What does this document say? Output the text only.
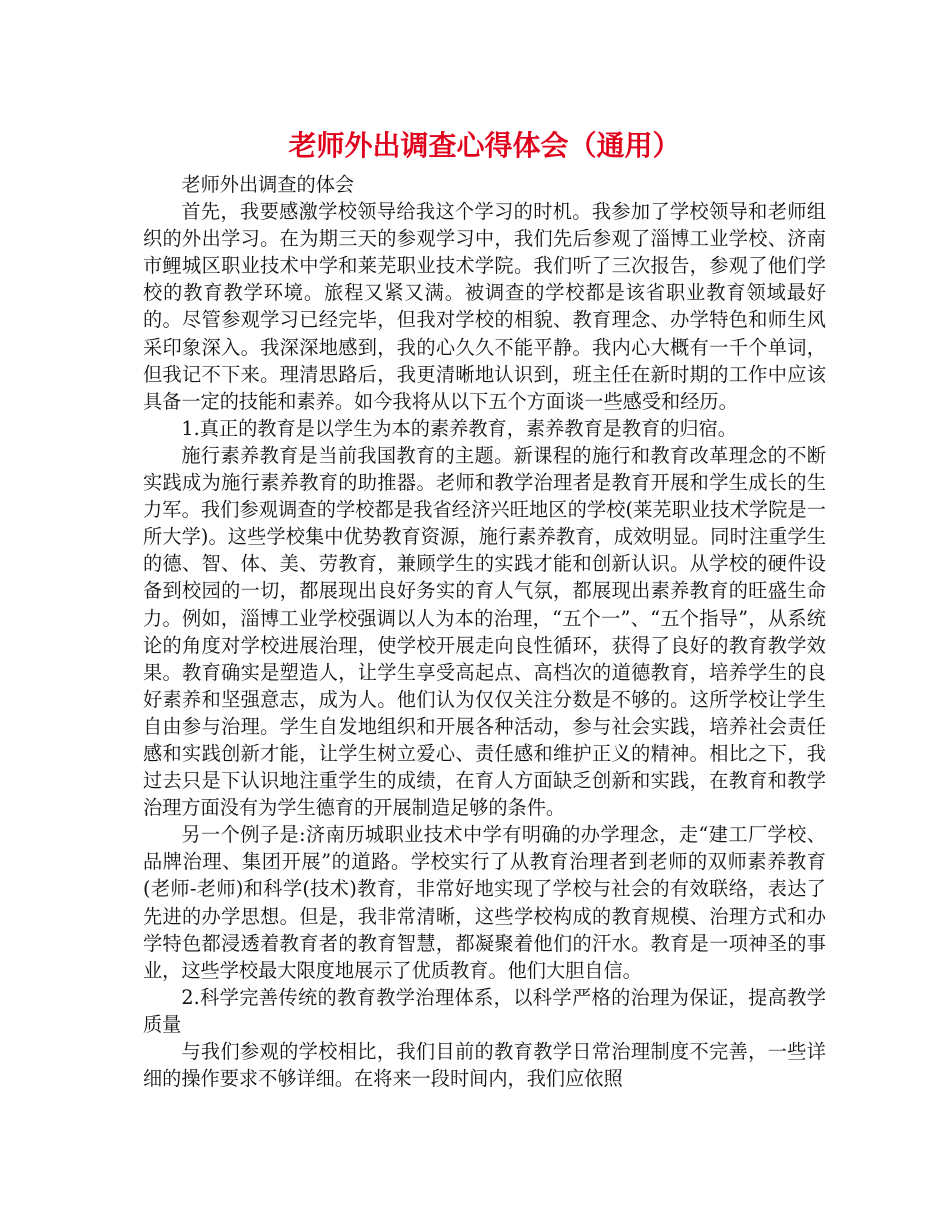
老师外出调查心得体会（通用）

老师外出调查的体会

首先，我要感激学校领导给我这个学习的时机。我参加了学校领导和老师组织的外出学习。在为期三天的参观学习中，我们先后参观了淄博工业学校、济南市鲤城区职业技术中学和莱芜职业技术学院。我们听了三次报告，参观了他们学校的教育教学环境。旅程又紧又满。被调查的学校都是该省职业教育领域最好的。尽管参观学习已经完毕，但我对学校的相貌、教育理念、办学特色和师生风采印象深入。我深深地感到，我的心久久不能平静。我内心大概有一千个单词，但我记不下来。理清思路后，我更清晰地认识到，班主任在新时期的工作中应该具备一定的技能和素养。如今我将从以下五个方面谈一些感受和经历。

1.真正的教育是以学生为本的素养教育，素养教育是教育的归宿。

施行素养教育是当前我国教育的主题。新课程的施行和教育改革理念的不断实践成为施行素养教育的助推器。老师和教学治理者是教育开展和学生成长的生力军。我们参观调查的学校都是我省经济兴旺地区的学校(莱芜职业技术学院是一所大学)。这些学校集中优势教育资源，施行素养教育，成效明显。同时注重学生的德、智、体、美、劳教育，兼顾学生的实践才能和创新认识。从学校的硬件设备到校园的一切，都展现出良好务实的育人气氛，都展现出素养教育的旺盛生命力。例如，淄博工业学校强调以人为本的治理，“五个一”、“五个指导”，从系统论的角度对学校进展治理，使学校开展走向良性循环，获得了良好的教育教学效果。教育确实是塑造人，让学生享受高起点、高档次的道德教育，培养学生的良好素养和坚强意志，成为人。他们认为仅仅关注分数是不够的。这所学校让学生自由参与治理。学生自发地组织和开展各种活动，参与社会实践，培养社会责任感和实践创新才能，让学生树立爱心、责任感和维护正义的精神。相比之下，我过去只是下认识地注重学生的成绩，在育人方面缺乏创新和实践，在教育和教学治理方面没有为学生德育的开展制造足够的条件。

另一个例子是:济南历城职业技术中学有明确的办学理念，走“建工厂学校、品牌治理、集团开展”的道路。学校实行了从教育治理者到老师的双师素养教育(老师-老师)和科学(技术)教育，非常好地实现了学校与社会的有效联络，表达了先进的办学思想。但是，我非常清晰，这些学校构成的教育规模、治理方式和办学特色都浸透着教育者的教育智慧，都凝聚着他们的汗水。教育是一项神圣的事业，这些学校最大限度地展示了优质教育。他们大胆自信。

2.科学完善传统的教育教学治理体系，以科学严格的治理为保证，提高教学质量

与我们参观的学校相比，我们目前的教育教学日常治理制度不完善，一些详细的操作要求不够详细。在将来一段时间内，我们应依照
